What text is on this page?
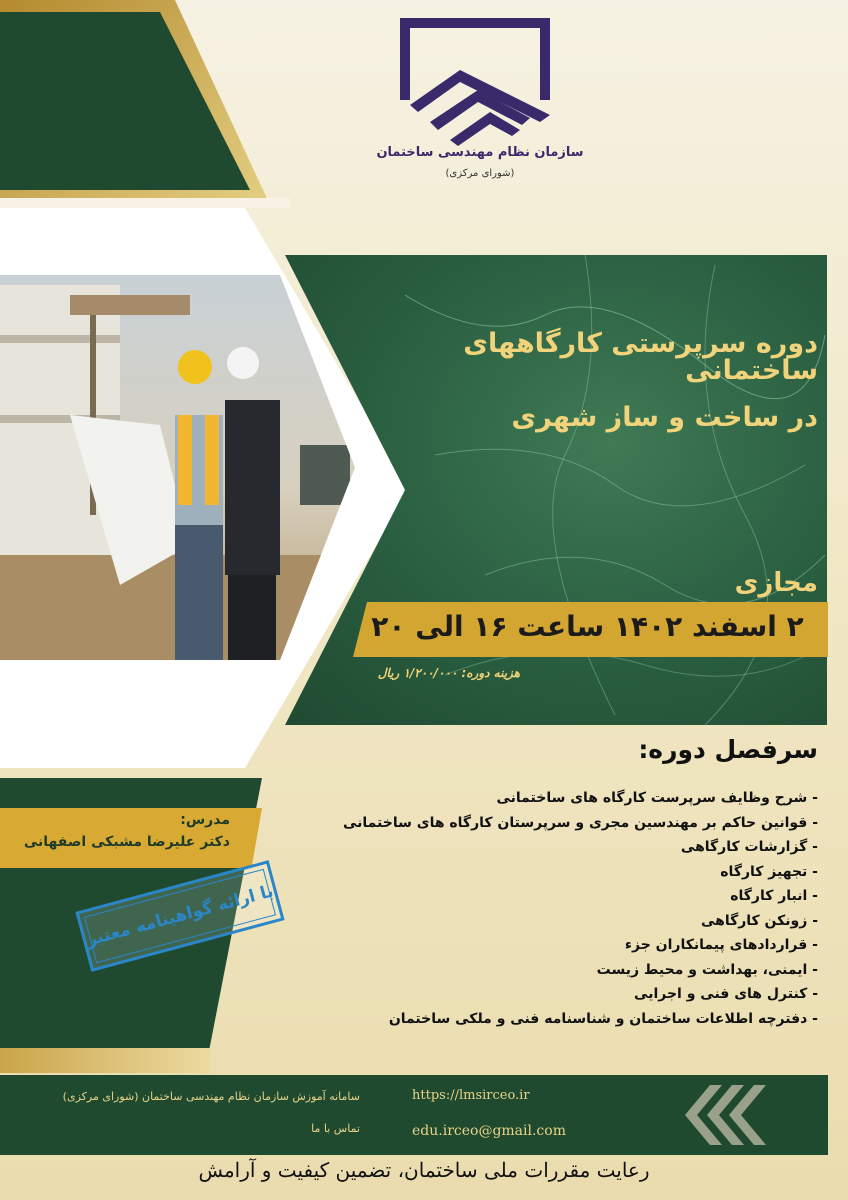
سازمان نظام مهندسی ساختمان
(شورای مرکزی)
دوره سرپرستی کارگاههای ساختمانی
در ساخت و ساز شهری
مجازی
۲ اسفند ۱۴۰۲ ساعت ۱۶ الی ۲۰
هزینه دوره: ۱/۲۰۰/۰۰۰ ریال
مدرس:
دکتر علیرضا مشبکی اصفهانی
با ارائه گواهینامه معتبر
سرفصل دوره:
- شرح وظایف سرپرست کارگاه های ساختمانی
- قوانین حاکم بر مهندسین مجری و سرپرستان کارگاه های ساختمانی
- گزارشات کارگاهی
- تجهیز کارگاه
- انبار کارگاه
- زونکن کارگاهی
- قراردادهای پیمانکاران جزء
- ایمنی، بهداشت و محیط زیست
- کنترل های فنی و اجرایی
- دفترچه اطلاعات ساختمان و شناسنامه فنی و ملکی ساختمان
سامانه آموزش سازمان نظام مهندسی ساختمان (شورای مرکزی)
تماس با ما
https://lmsirceo.ir
edu.irceo@gmail.com
رعایت مقررات ملی ساختمان، تضمین کیفیت و آرامش
